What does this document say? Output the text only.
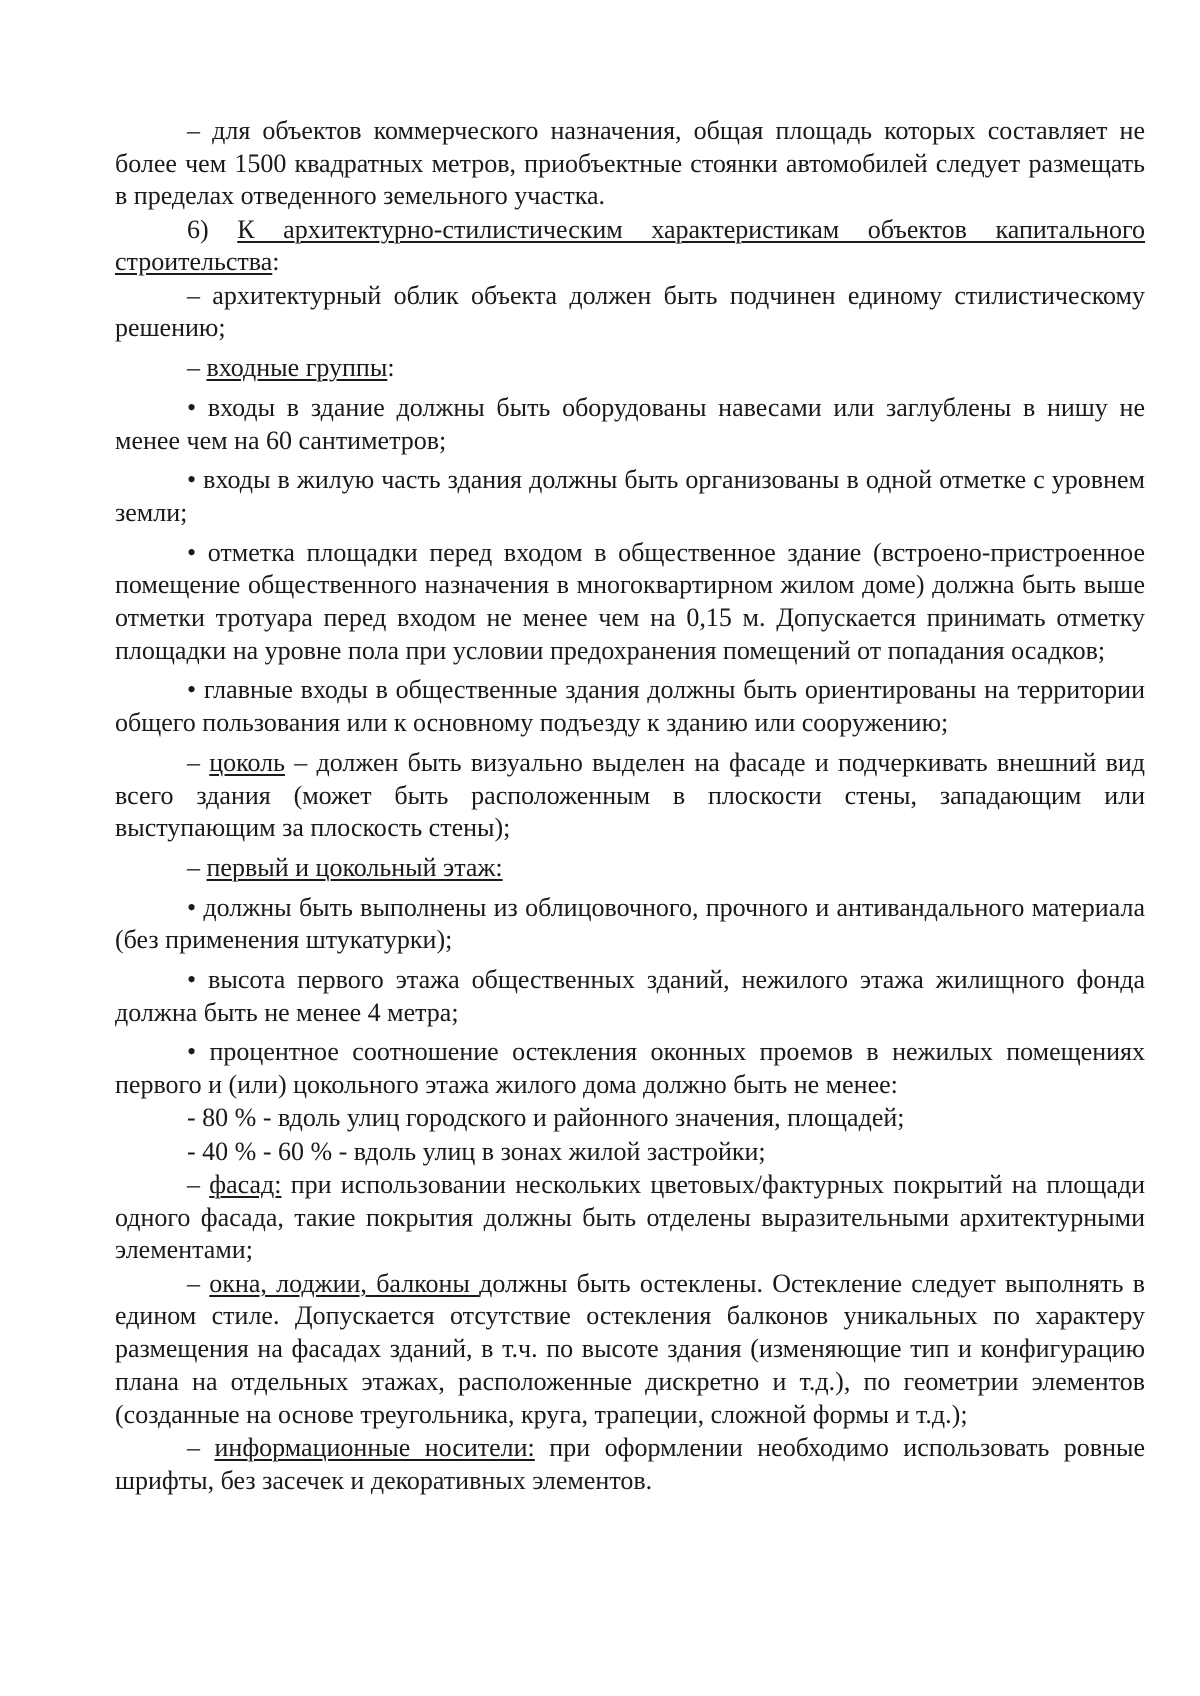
– для объектов коммерческого назначения, общая площадь которых составляет не более чем 1500 квадратных метров, приобъектные стоянки автомобилей следует размещать в пределах отведенного земельного участка.

6) К архитектурно-стилистическим характеристикам объектов капитального строительства:

– архитектурный облик объекта должен быть подчинен единому стилистическому решению;

– входные группы:

• входы в здание должны быть оборудованы навесами или заглублены в нишу не менее чем на 60 сантиметров;

• входы в жилую часть здания должны быть организованы в одной отметке с уровнем земли;

• отметка площадки перед входом в общественное здание (встроено-пристроенное помещение общественного назначения в многоквартирном жилом доме) должна быть выше отметки тротуара перед входом не менее чем на 0,15 м. Допускается принимать отметку площадки на уровне пола при условии предохранения помещений от попадания осадков;

• главные входы в общественные здания должны быть ориентированы на территории общего пользования или к основному подъезду к зданию или сооружению;

– цоколь – должен быть визуально выделен на фасаде и подчеркивать внешний вид всего здания (может быть расположенным в плоскости стены, западающим или выступающим за плоскость стены);

– первый и цокольный этаж:

• должны быть выполнены из облицовочного, прочного и антивандального материала (без применения штукатурки);

• высота первого этажа общественных зданий, нежилого этажа жилищного фонда должна быть не менее 4 метра;

• процентное соотношение остекления оконных проемов в нежилых помещениях первого и (или) цокольного этажа жилого дома должно быть не менее:

- 80 % - вдоль улиц городского и районного значения, площадей;

- 40 % - 60 % - вдоль улиц в зонах жилой застройки;

– фасад: при использовании нескольких цветовых/фактурных покрытий на площади одного фасада, такие покрытия должны быть отделены выразительными архитектурными элементами;

– окна, лоджии, балконы должны быть остеклены. Остекление следует выполнять в едином стиле. Допускается отсутствие остекления балконов уникальных по характеру размещения на фасадах зданий, в т.ч. по высоте здания (изменяющие тип и конфигурацию плана на отдельных этажах, расположенные дискретно и т.д.), по геометрии элементов (созданные на основе треугольника, круга, трапеции, сложной формы и т.д.);

– информационные носители: при оформлении необходимо использовать ровные шрифты, без засечек и декоративных элементов.
